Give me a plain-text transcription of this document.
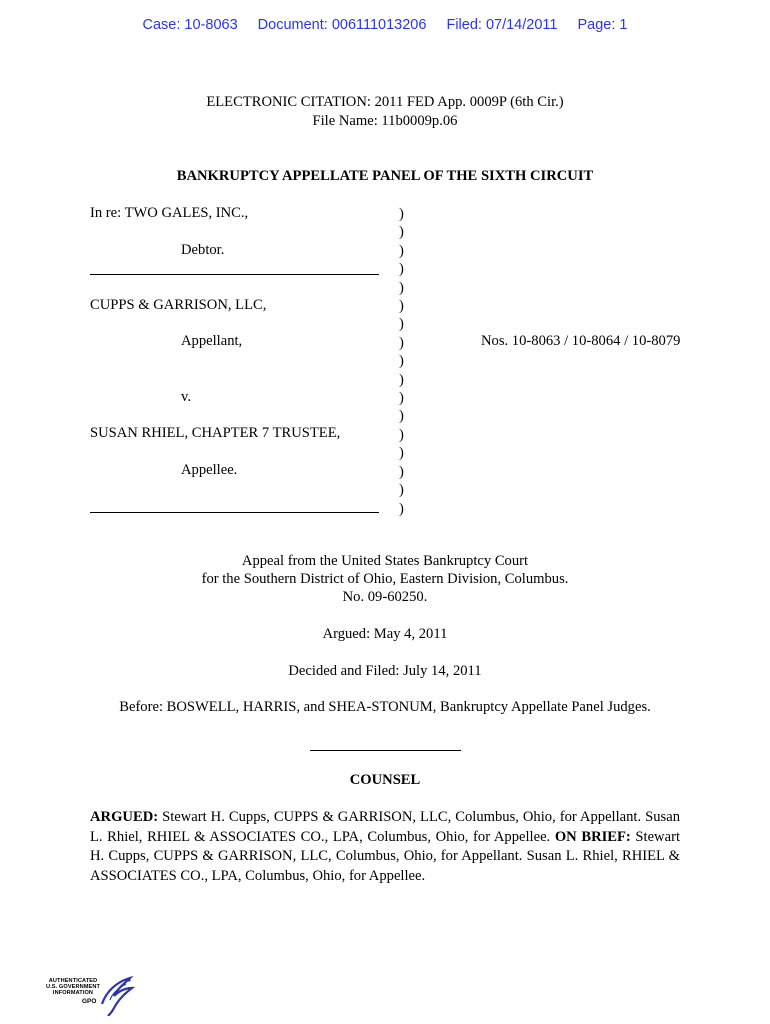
Case: 10-8063 Document: 006111013206 Filed: 07/14/2011 Page: 1
ELECTRONIC CITATION: 2011 FED App. 0009P (6th Cir.)
File Name: 11b0009p.06
BANKRUPTCY APPELLATE PANEL OF THE SIXTH CIRCUIT
In re: TWO GALES, INC.,
Debtor.
CUPPS & GARRISON, LLC,
Appellant,
v.
SUSAN RHIEL, CHAPTER 7 TRUSTEE,
Appellee.
)
)
)
)
)
)
)
)
)
)
)
)
)
)
)
)
)
Nos. 10-8063 / 10-8064 / 10-8079
Appeal from the United States Bankruptcy Court
for the Southern District of Ohio, Eastern Division, Columbus.
No. 09-60250.
Argued: May 4, 2011
Decided and Filed: July 14, 2011
Before: BOSWELL, HARRIS, and SHEA-STONUM, Bankruptcy Appellate Panel Judges.
COUNSEL
ARGUED: Stewart H. Cupps, CUPPS & GARRISON, LLC, Columbus, Ohio, for Appellant. Susan L. Rhiel, RHIEL & ASSOCIATES CO., LPA, Columbus, Ohio, for Appellee. ON BRIEF: Stewart H. Cupps, CUPPS & GARRISON, LLC, Columbus, Ohio, for Appellant. Susan L. Rhiel, RHIEL & ASSOCIATES CO., LPA, Columbus, Ohio, for Appellee.
AUTHENTICATED
U.S. GOVERNMENT
INFORMATION
GPO
